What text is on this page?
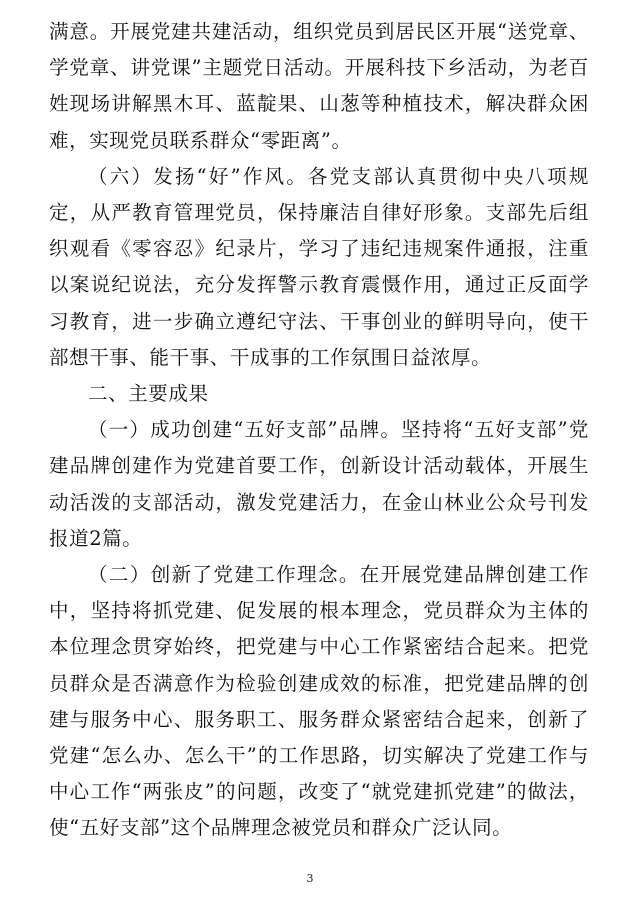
满意。开展党建共建活动，组织党员到居民区开展“送党章、学党章、讲党课”主题党日活动。开展科技下乡活动，为老百姓现场讲解黑木耳、蓝靛果、山葱等种植技术，解决群众困难，实现党员联系群众“零距离”。

（六）发扬“好”作风。各党支部认真贯彻中央八项规定，从严教育管理党员，保持廉洁自律好形象。支部先后组织观看《零容忍》纪录片，学习了违纪违规案件通报，注重以案说纪说法，充分发挥警示教育震慑作用，通过正反面学习教育，进一步确立遵纪守法、干事创业的鲜明导向，使干部想干事、能干事、干成事的工作氛围日益浓厚。

二、主要成果

（一）成功创建“五好支部”品牌。坚持将“五好支部”党建品牌创建作为党建首要工作，创新设计活动载体，开展生动活泼的支部活动，激发党建活力，在金山林业公众号刊发报道2篇。

（二）创新了党建工作理念。在开展党建品牌创建工作中，坚持将抓党建、促发展的根本理念，党员群众为主体的本位理念贯穿始终，把党建与中心工作紧密结合起来。把党员群众是否满意作为检验创建成效的标准，把党建品牌的创建与服务中心、服务职工、服务群众紧密结合起来，创新了党建“怎么办、怎么干”的工作思路，切实解决了党建工作与中心工作“两张皮”的问题，改变了“就党建抓党建”的做法，使“五好支部”这个品牌理念被党员和群众广泛认同。

3
